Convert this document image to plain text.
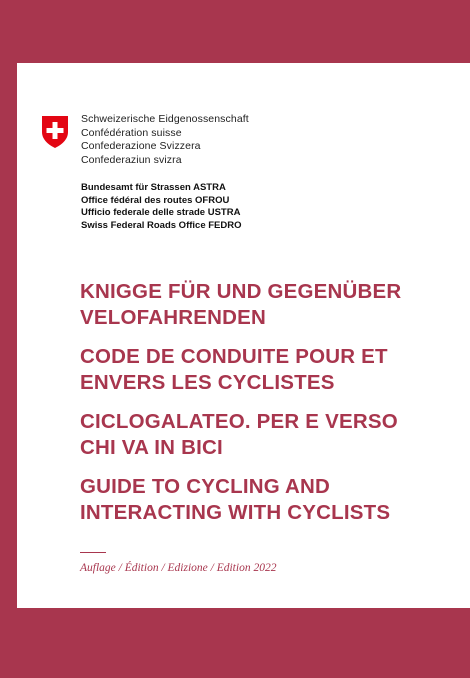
Schweizerische Eidgenossenschaft
Confédération suisse
Confederazione Svizzera
Confederaziun svizra
Bundesamt für Strassen ASTRA
Office fédéral des routes OFROU
Ufficio federale delle strade USTRA
Swiss Federal Roads Office FEDRO
KNIGGE FÜR UND GEGENÜBER
VELOFAHRENDEN
CODE DE CONDUITE POUR ET
ENVERS LES CYCLISTES
CICLOGALATEO. PER E VERSO
CHI VA IN BICI
GUIDE TO CYCLING AND
INTERACTING WITH CYCLISTS
Auflage / Édition / Edizione / Edition 2022
